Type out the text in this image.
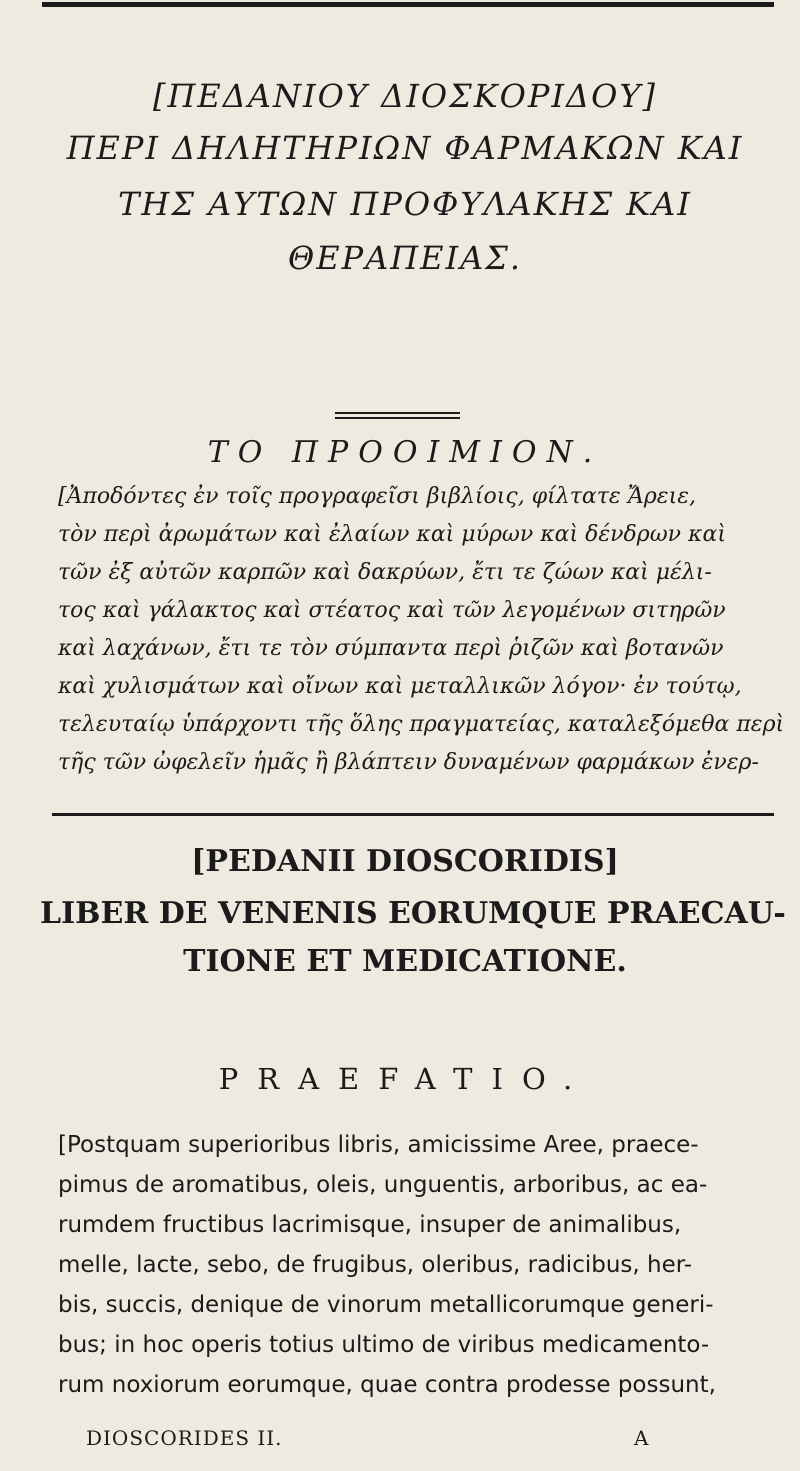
[ΠΕΔΑΝΙΟΥ ΔΙΟΣΚΟΡΙΔΟΥ]
ΠΕΡΙ ΔΗΛΗΤΗΡΙΩΝ ΦΑΡΜΑΚΩΝ ΚΑΙ
ΤΗΣ ΑΥΤΩΝ ΠΡΟΦΥΛΑΚΗΣ ΚΑΙ
ΘΕΡΑΠΕΙΑΣ.
ΤΟ ΠΡΟΟΙΜΙΟΝ.
[Ἀποδόντες ἐν τοῖς προγραφεῖσι βιβλίοις, φίλτατε Ἄρειε,
τὸν περὶ ἀρωμάτων καὶ ἐλαίων καὶ μύρων καὶ δένδρων καὶ
τῶν ἐξ αὐτῶν καρπῶν καὶ δακρύων, ἔτι τε ζώων καὶ μέλι-
τος καὶ γάλακτος καὶ στέατος καὶ τῶν λεγομένων σιτηρῶν
καὶ λαχάνων, ἔτι τε τὸν σύμπαντα περὶ ῥιζῶν καὶ βοτανῶν
καὶ χυλισμάτων καὶ οἴνων καὶ μεταλλικῶν λόγον· ἐν τούτῳ,
τελευταίῳ ὑπάρχοντι τῆς ὅλης πραγματείας, καταλεξόμεθα περὶ
τῆς τῶν ὠφελεῖν ἡμᾶς ἢ βλάπτειν δυναμένων φαρμάκων ἐνερ-
[PEDANII DIOSCORIDIS]
LIBER DE VENENIS EORUMQUE PRAECAU-
TIONE ET MEDICATIONE.
PRAEFATIO.
[Postquam superioribus libris, amicissime Aree, praece-
pimus de aromatibus, oleis, unguentis, arboribus, ac ea-
rumdem fructibus lacrimisque, insuper de animalibus,
melle, lacte, sebo, de frugibus, oleribus, radicibus, her-
bis, succis, denique de vinorum metallicorumque generi-
bus; in hoc operis totius ultimo de viribus medicamento-
rum noxiorum eorumque, quae contra prodesse possunt,
DIOSCORIDES II.	A
